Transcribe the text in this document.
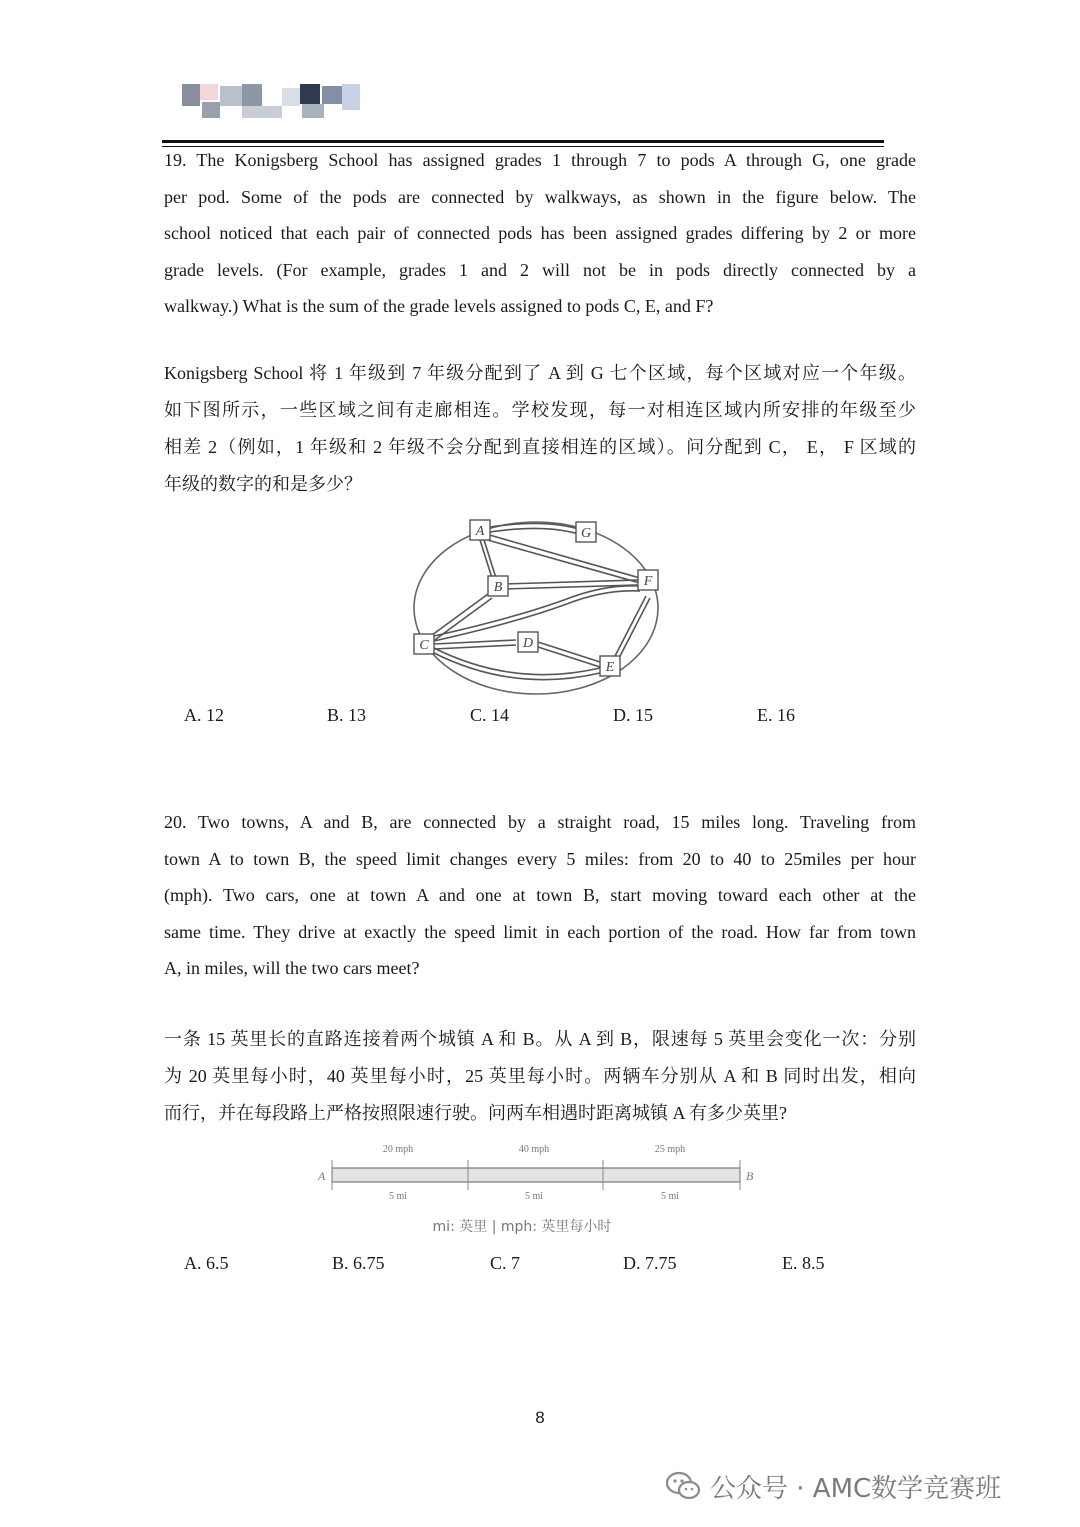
19. The Konigsberg School has assigned grades 1 through 7 to pods A through G, one grade
per pod. Some of the pods are connected by walkways, as shown in the figure below. The
school noticed that each pair of connected pods has been assigned grades differing by 2 or more
grade levels. (For example, grades 1 and 2 will not be in pods directly connected by a
walkway.) What is the sum of the grade levels assigned to pods C, E, and F?
Konigsberg School 将 1 年级到 7 年级分配到了 A 到 G 七个区域，每个区域对应一个年级。
如下图所示，一些区域之间有走廊相连。学校发现，每一对相连区域内所安排的年级至少
相差 2（例如，1 年级和 2 年级不会分配到直接相连的区域）。问分配到 C， E， F 区域的
年级的数字的和是多少？
A	G
B	F
C	D
E
A. 12	B. 13	C. 14	D. 15	E. 16
20. Two towns, A and B, are connected by a straight road, 15 miles long. Traveling from
town A to town B, the speed limit changes every 5 miles: from 20 to 40 to 25miles per hour
(mph). Two cars, one at town A and one at town B, start moving toward each other at the
same time. They drive at exactly the speed limit in each portion of the road. How far from town
A, in miles, will the two cars meet?
一条 15 英里长的直路连接着两个城镇 A 和 B。从 A 到 B，限速每 5 英里会变化一次：分别
为 20 英里每小时，40 英里每小时，25 英里每小时。两辆车分别从 A 和 B 同时出发，相向
而行，并在每段路上严格按照限速行驶。问两车相遇时距离城镇 A 有多少英里?
20 mph	40 mph	25 mph
5 mi	5 mi	5 mi
A	B
mi: 英里 | mph: 英里每小时
A. 6.5	B. 6.75	C. 7	D. 7.75	E. 8.5
8
公众号 · AMC数学竞赛班
